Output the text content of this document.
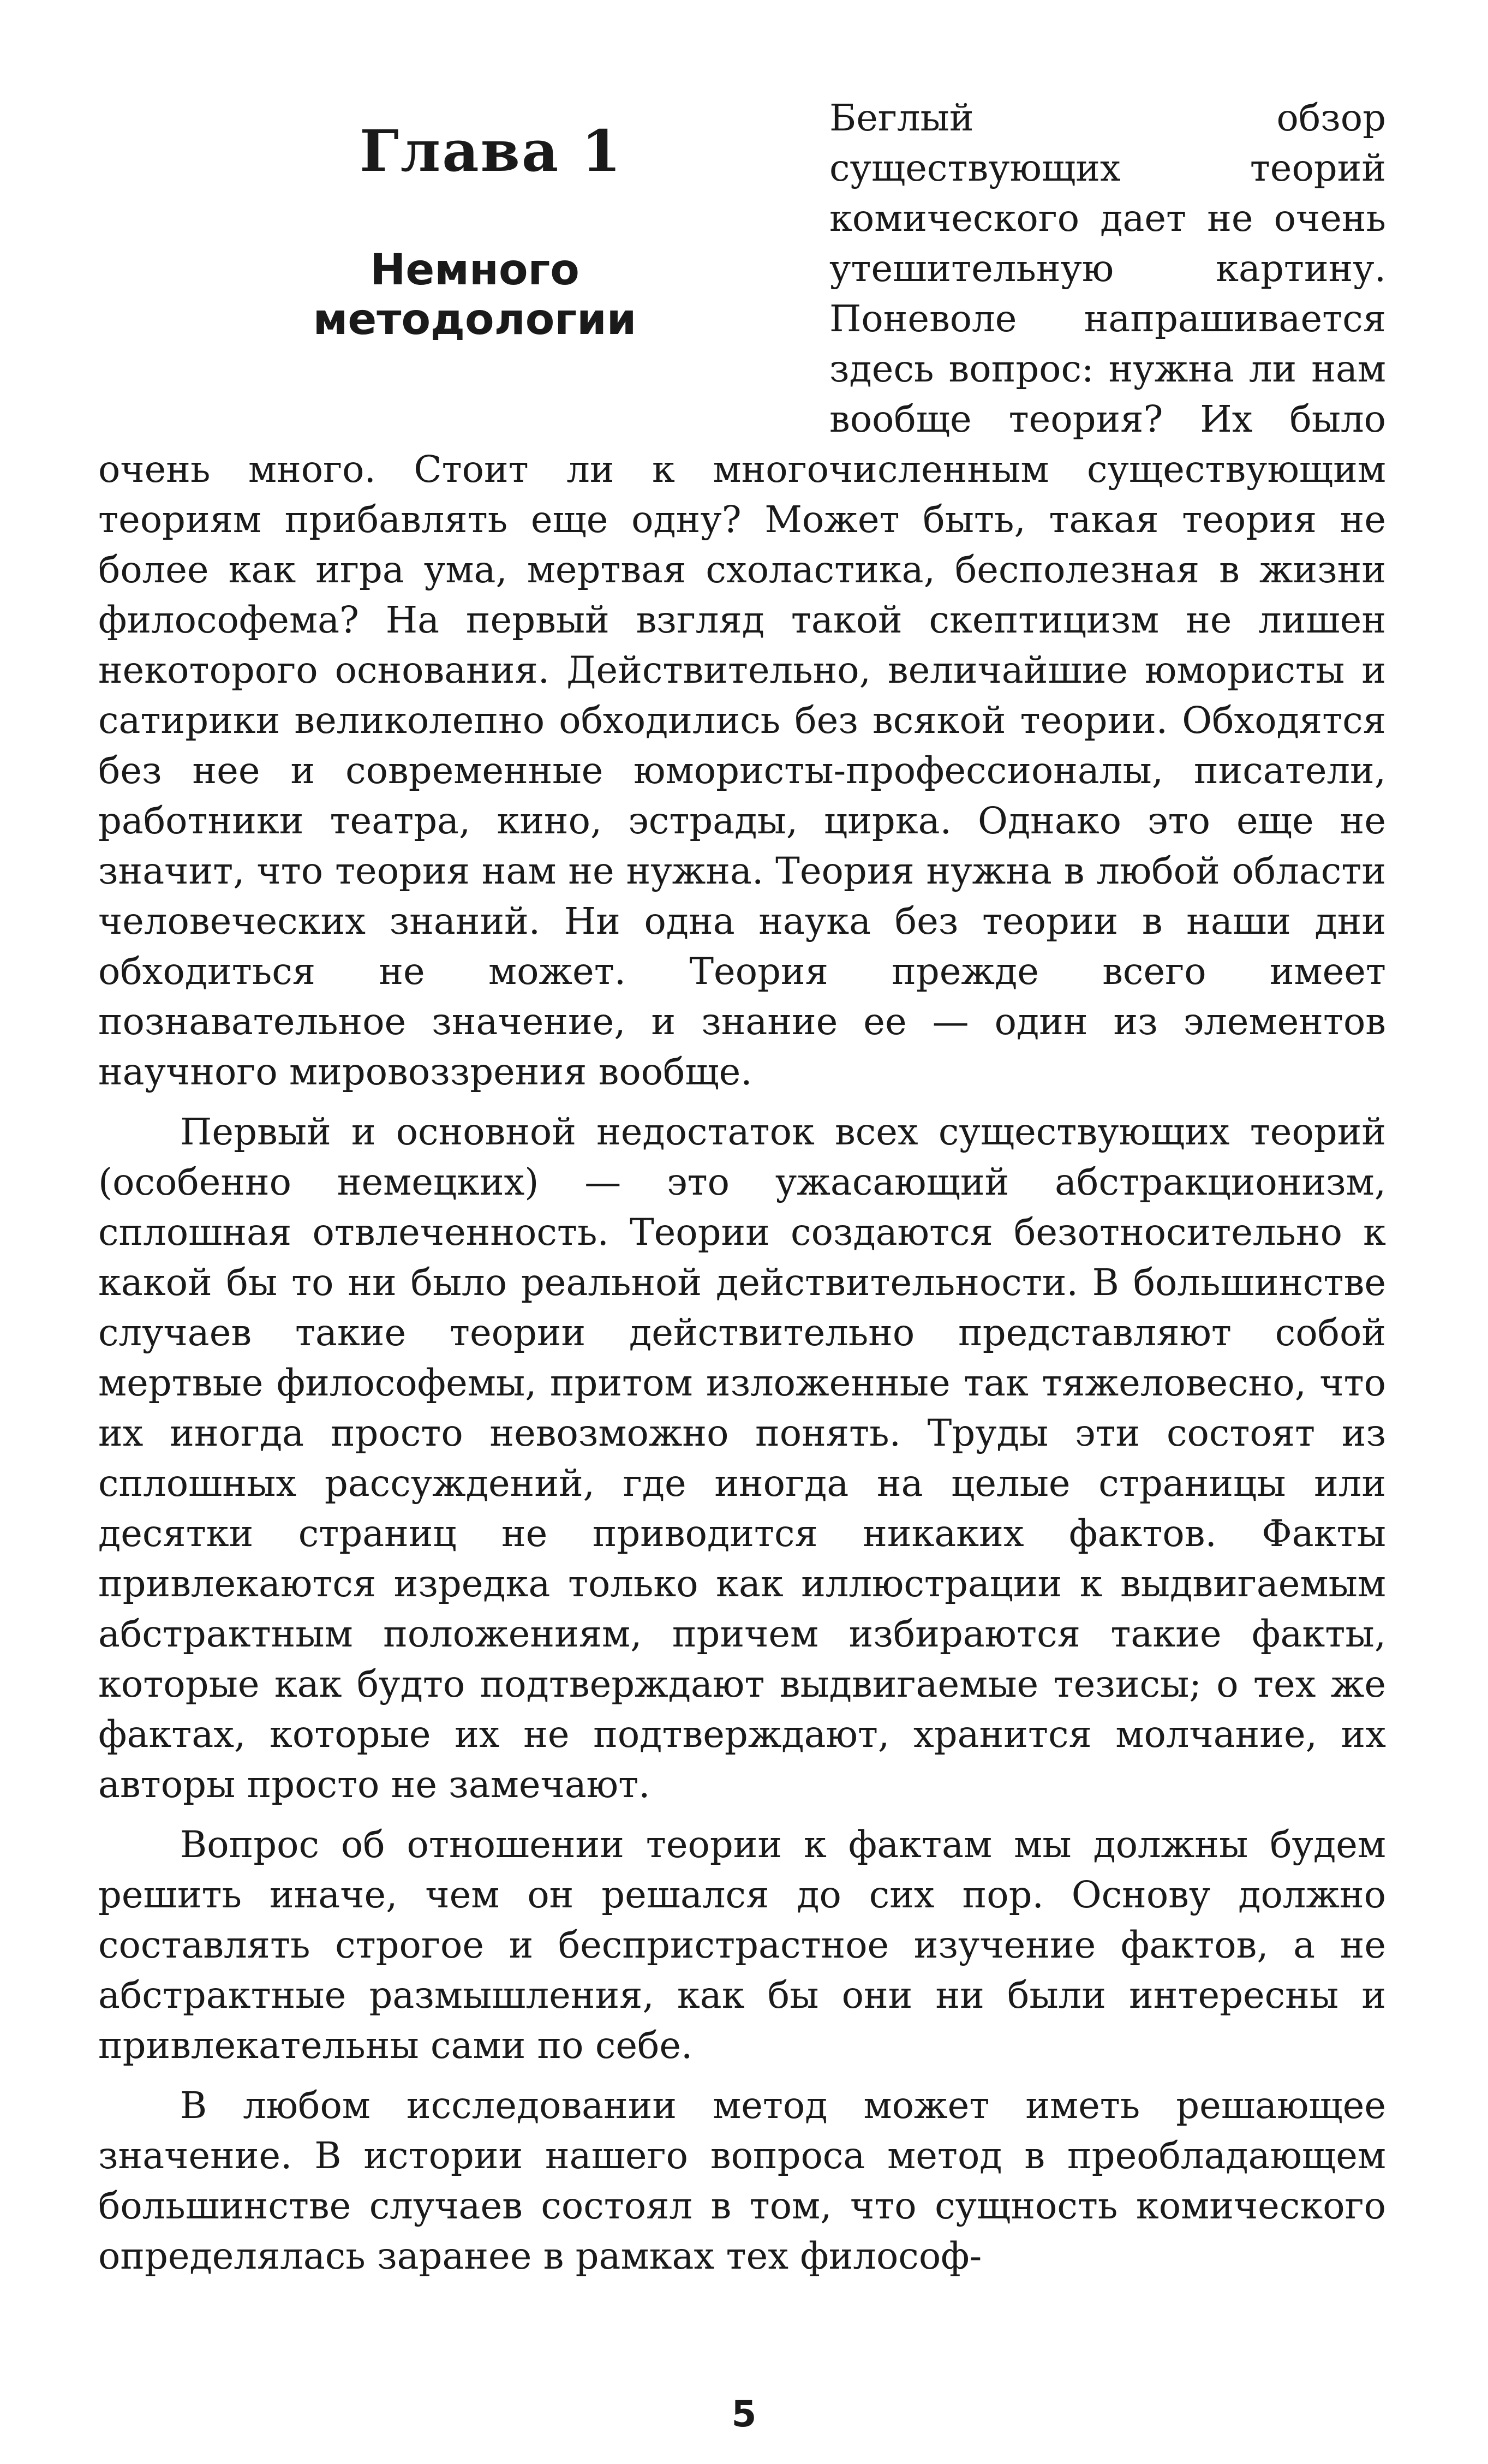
Глава 1
Немного
методологии

Беглый обзор существующих теорий комического дает не очень утешительную картину. Поневоле напрашивается здесь вопрос: нужна ли нам вообще теория? Их было очень много. Стоит ли к многочисленным существующим теориям прибавлять еще одну? Может быть, такая теория не более как игра ума, мертвая схоластика, бесполезная в жизни философема? На первый взгляд такой скептицизм не лишен некоторого основания. Действительно, величайшие юмористы и сатирики великолепно обходились без всякой теории. Обходятся без нее и современные юмористы-профессионалы, писатели, работники театра, кино, эстрады, цирка. Однако это еще не значит, что теория нам не нужна. Теория нужна в любой области человеческих знаний. Ни одна наука без теории в наши дни обходиться не может. Теория прежде всего имеет познавательное значение, и знание ее — один из элементов научного мировоззрения вообще.

Первый и основной недостаток всех существующих теорий (особенно немецких) — это ужасающий абстракционизм, сплошная отвлеченность. Теории создаются безотносительно к какой бы то ни было реальной действительности. В большинстве случаев такие теории действительно представляют собой мертвые философемы, притом изложенные так тяжеловесно, что их иногда просто невозможно понять. Труды эти состоят из сплошных рассуждений, где иногда на целые страницы или десятки страниц не приводится никаких фактов. Факты привлекаются изредка только как иллюстрации к выдвигаемым абстрактным положениям, причем избираются такие факты, которые как будто подтверждают выдвигаемые тезисы; о тех же фактах, которые их не подтверждают, хранится молчание, их авторы просто не замечают.

Вопрос об отношении теории к фактам мы должны будем решить иначе, чем он решался до сих пор. Основу должно составлять строгое и беспристрастное изучение фактов, а не абстрактные размышления, как бы они ни были интересны и привлекательны сами по себе.

В любом исследовании метод может иметь решающее значение. В истории нашего вопроса метод в преобладающем большинстве случаев состоял в том, что сущность комического определялась заранее в рамках тех философ-

5
